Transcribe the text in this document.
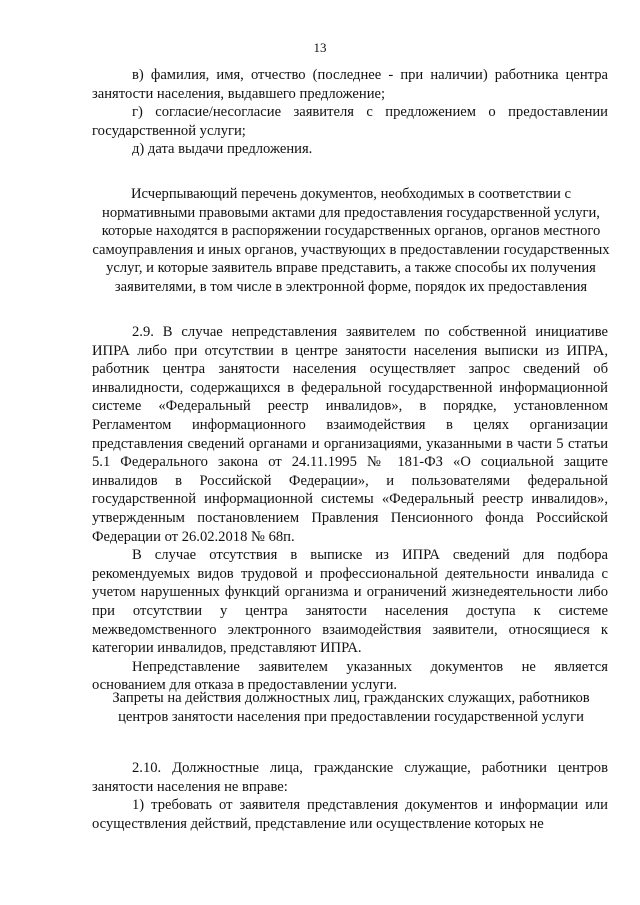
13

в) фамилия, имя, отчество (последнее - при наличии) работника центра занятости населения, выдавшего предложение;

г) согласие/несогласие заявителя с предложением о предоставлении государственной услуги;

д) дата выдачи предложения.

Исчерпывающий перечень документов, необходимых в соответствии с нормативными правовыми актами для предоставления государственной услуги, которые находятся в распоряжении государственных органов, органов местного самоуправления и иных органов, участвующих в предоставлении государственных услуг, и которые заявитель вправе представить, а также способы их получения заявителями, в том числе в электронной форме, порядок их предоставления

2.9. В случае непредставления заявителем по собственной инициативе ИПРА либо при отсутствии в центре занятости населения выписки из ИПРА, работник центра занятости населения осуществляет запрос сведений об инвалидности, содержащихся в федеральной государственной информационной системе «Федеральный реестр инвалидов», в порядке, установленном Регламентом информационного взаимодействия в целях организации представления сведений органами и организациями, указанными в части 5 статьи 5.1 Федерального закона от 24.11.1995 № 181-ФЗ «О социальной защите инвалидов в Российской Федерации», и пользователями федеральной государственной информационной системы «Федеральный реестр инвалидов», утвержденным постановлением Правления Пенсионного фонда Российской Федерации от 26.02.2018 № 68п.

В случае отсутствия в выписке из ИПРА сведений для подбора рекомендуемых видов трудовой и профессиональной деятельности инвалида с учетом нарушенных функций организма и ограничений жизнедеятельности либо при отсутствии у центра занятости населения доступа к системе межведомственного электронного взаимодействия заявители, относящиеся к категории инвалидов, представляют ИПРА.

Непредставление заявителем указанных документов не является основанием для отказа в предоставлении услуги.

Запреты на действия должностных лиц, гражданских служащих, работников центров занятости населения при предоставлении государственной услуги

2.10. Должностные лица, гражданские служащие, работники центров занятости населения не вправе:

1) требовать от заявителя представления документов и информации или осуществления действий, представление или осуществление которых не
